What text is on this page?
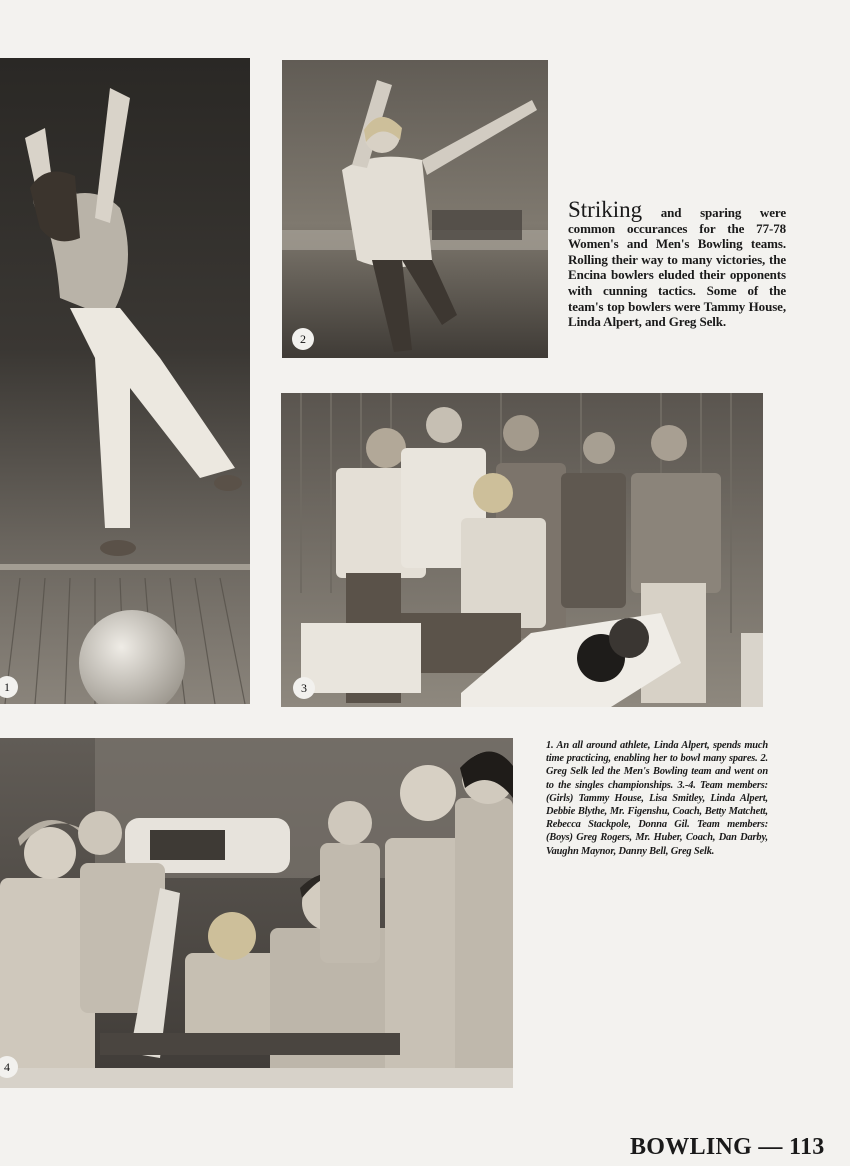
1
2
Striking and sparing were common occurances for the 77-78 Women's and Men's Bowling teams. Rolling their way to many victories, the Encina bowlers eluded their opponents with cunning tactics. Some of the team's top bowlers were Tammy House, Linda Alpert, and Greg Selk.
3
4
1. An all around athlete, Linda Alpert, spends much time practicing, enabling her to bowl many spares. 2. Greg Selk led the Men's Bowling team and went on to the singles championships. 3.-4. Team members: (Girls) Tammy House, Lisa Smitley, Linda Alpert, Debbie Blythe, Mr. Figenshu, Coach, Betty Matchett, Rebecca Stackpole, Donna Gil. Team members: (Boys) Greg Rogers, Mr. Huber, Coach, Dan Darby, Vaughn Maynor, Danny Bell, Greg Selk.
BOWLING — 113
